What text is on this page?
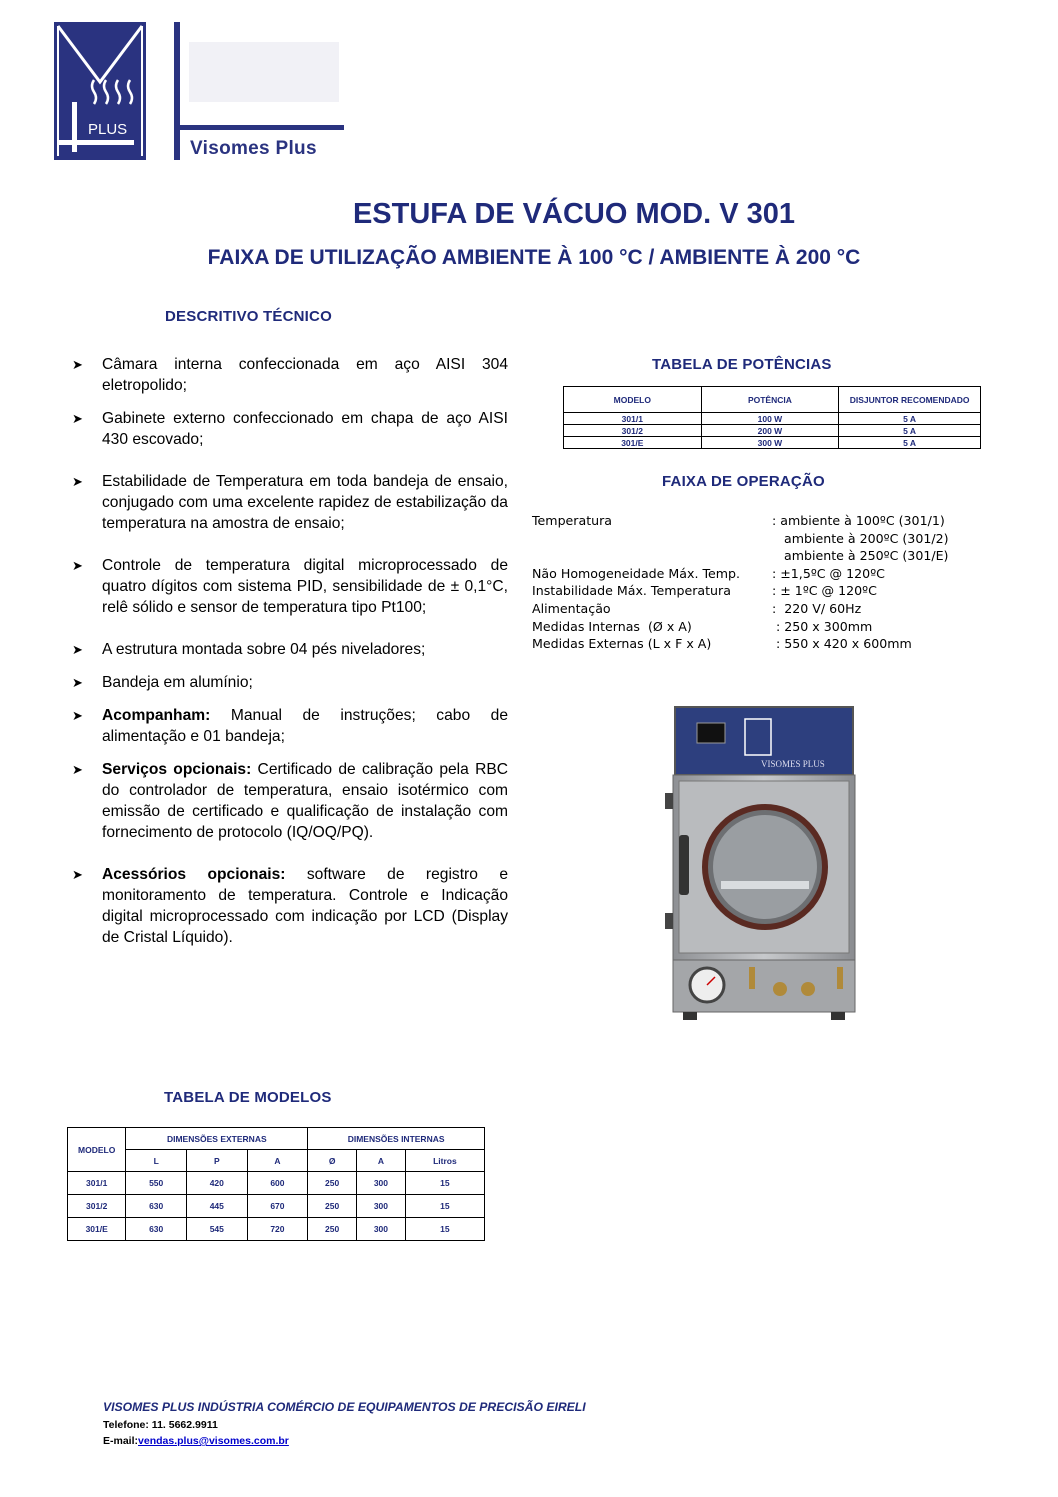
PLUS
Visomes Plus
ESTUFA DE VÁCUO MOD. V 301
FAIXA DE UTILIZAÇÃO AMBIENTE À 100 °C / AMBIENTE À 200 °C
DESCRITIVO TÉCNICO
➤ Câmara interna confeccionada em aço AISI 304 eletropolido;
➤ Gabinete externo confeccionado em chapa de aço AISI 430 escovado;
➤ Estabilidade de Temperatura em toda bandeja de ensaio, conjugado com uma excelente rapidez de estabilização da temperatura na amostra de ensaio;
➤ Controle de temperatura digital microprocessado de quatro dígitos com sistema PID, sensibilidade de ± 0,1°C, relê sólido e sensor de temperatura tipo Pt100;
➤ A estrutura montada sobre 04 pés niveladores;
➤ Bandeja em alumínio;
➤ Acompanham: Manual de instruções; cabo de alimentação e 01 bandeja;
➤ Serviços opcionais: Certificado de calibração pela RBC do controlador de temperatura, ensaio isotérmico com emissão de certificado e qualificação de instalação com fornecimento de protocolo (IQ/OQ/PQ).
➤ Acessórios opcionais: software de registro e monitoramento de temperatura. Controle e Indicação digital microprocessado com indicação por LCD (Display de Cristal Líquido).
TABELA DE POTÊNCIAS
MODELO	POTÊNCIA	DISJUNTOR RECOMENDADO
301/1	100 W	5 A
301/2	200 W	5 A
301/E	300 W	5 A
FAIXA DE OPERAÇÃO
Temperatura	: ambiente à 100ºC (301/1)
ambiente à 200ºC (301/2)
ambiente à 250ºC (301/E)
Não Homogeneidade Máx. Temp.	: ±1,5ºC @ 120ºC
Instabilidade Máx. Temperatura	: ± 1ºC @ 120ºC
Alimentação	:  220 V/ 60Hz
Medidas Internas  (Ø x A)	: 250 x 300mm
Medidas Externas (L x F x A)	: 550 x 420 x 600mm
VISOMES PLUS
TABELA DE MODELOS
MODELO	DIMENSÕES EXTERNAS			DIMENSÕES INTERNAS		
	L	P	A	Ø	A	Litros
301/1	550	420	600	250	300	15
301/2	630	445	670	250	300	15
301/E	630	545	720	250	300	15
VISOMES PLUS INDÚSTRIA COMÉRCIO DE EQUIPAMENTOS DE PRECISÃO EIRELI
Telefone: 11. 5662.9911
E-mail:vendas.plus@visomes.com.br
